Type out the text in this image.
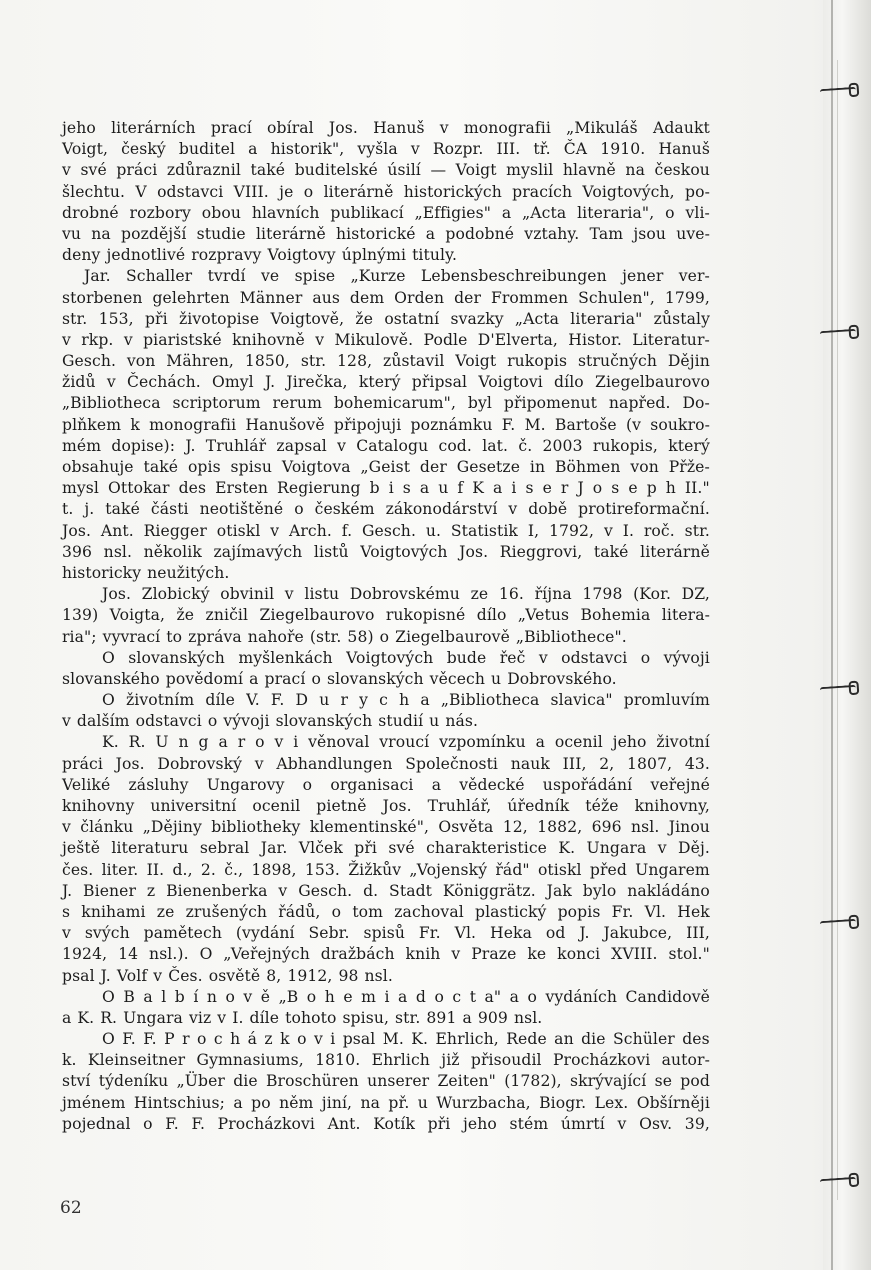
jeho literárních prací obíral Jos. Hanuš v monografii „Mikuláš Adaukt
Voigt, český buditel a historik", vyšla v Rozpr. III. tř. ČA 1910. Hanuš
v své práci zdůraznil také buditelské úsilí — Voigt myslil hlavně na českou
šlechtu. V odstavci VIII. je o literárně historických pracích Voigtových, po-
drobné rozbory obou hlavních publikací „Effigies" a „Acta literaria", o vli-
vu na pozdější studie literárně historické a podobné vztahy. Tam jsou uve-
deny jednotlivé rozpravy Voigtovy úplnými tituly.
Jar. Schaller tvrdí ve spise „Kurze Lebensbeschreibungen jener ver-
storbenen gelehrten Männer aus dem Orden der Frommen Schulen", 1799,
str. 153, při životopise Voigtově, že ostatní svazky „Acta literaria" zůstaly
v rkp. v piaristské knihovně v Mikulově. Podle D'Elverta, Histor. Literatur-
Gesch. von Mähren, 1850, str. 128, zůstavil Voigt rukopis stručných Dějin
židů v Čechách. Omyl J. Jirečka, který připsal Voigtovi dílo Ziegelbaurovo
„Bibliotheca scriptorum rerum bohemicarum", byl připomenut napřed. Do-
plňkem k monografii Hanušově připojuji poznámku F. M. Bartoše (v soukro-
mém dopise): J. Truhlář zapsal v Catalogu cod. lat. č. 2003 rukopis, který
obsahuje také opis spisu Voigtova „Geist der Gesetze in Böhmen von Přže-
mysl Ottokar des Ersten Regierung b i s a u f K a i s e r J o s e p h II."
t. j. také části neotištěné o českém zákonodárství v době protireformační.
Jos. Ant. Riegger otiskl v Arch. f. Gesch. u. Statistik I, 1792, v I. roč. str.
396 nsl. několik zajímavých listů Voigtových Jos. Rieggrovi, také literárně
historicky neužitých.
Jos. Zlobický obvinil v listu Dobrovskému ze 16. října 1798 (Kor. DZ,
139) Voigta, že zničil Ziegelbaurovo rukopisné dílo „Vetus Bohemia litera-
ria"; vyvrací to zpráva nahoře (str. 58) o Ziegelbaurově „Bibliothece".
O slovanských myšlenkách Voigtových bude řeč v odstavci o vývoji
slovanského povědomí a prací o slovanských věcech u Dobrovského.
O životním díle V. F. D u r y c h a „Bibliotheca slavica" promluvím
v dalším odstavci o vývoji slovanských studií u nás.
K. R. U n g a r o v i věnoval vroucí vzpomínku a ocenil jeho životní
práci Jos. Dobrovský v Abhandlungen Společnosti nauk III, 2, 1807, 43.
Veliké zásluhy Ungarovy o organisaci a vědecké uspořádání veřejné
knihovny universitní ocenil pietně Jos. Truhlář, úředník téže knihovny,
v článku „Dějiny bibliotheky klementinské", Osvěta 12, 1882, 696 nsl. Jinou
ještě literaturu sebral Jar. Vlček při své charakteristice K. Ungara v Děj.
čes. liter. II. d., 2. č., 1898, 153. Žižkův „Vojenský řád" otiskl před Ungarem
J. Biener z Bienenberka v Gesch. d. Stadt Königgrätz. Jak bylo nakládáno
s knihami ze zrušených řádů, o tom zachoval plastický popis Fr. Vl. Hek
v svých pamětech (vydání Sebr. spisů Fr. Vl. Heka od J. Jakubce, III,
1924, 14 nsl.). O „Veřejných dražbách knih v Praze ke konci XVIII. stol."
psal J. Volf v Čes. osvětě 8, 1912, 98 nsl.
O B a l b í n o v ě „B o h e m i a d o c t a" a o vydáních Candidově
a K. R. Ungara viz v I. díle tohoto spisu, str. 891 a 909 nsl.
O F. F. P r o c h á z k o v i psal M. K. Ehrlich, Rede an die Schüler des
k. Kleinseitner Gymnasiums, 1810. Ehrlich již přisoudil Procházkovi autor-
ství týdeníku „Über die Broschüren unserer Zeiten" (1782), skrývající se pod
jménem Hintschius; a po něm jiní, na př. u Wurzbacha, Biogr. Lex. Obšírněji
pojednal o F. F. Procházkovi Ant. Kotík při jeho stém úmrtí v Osv. 39,
62
